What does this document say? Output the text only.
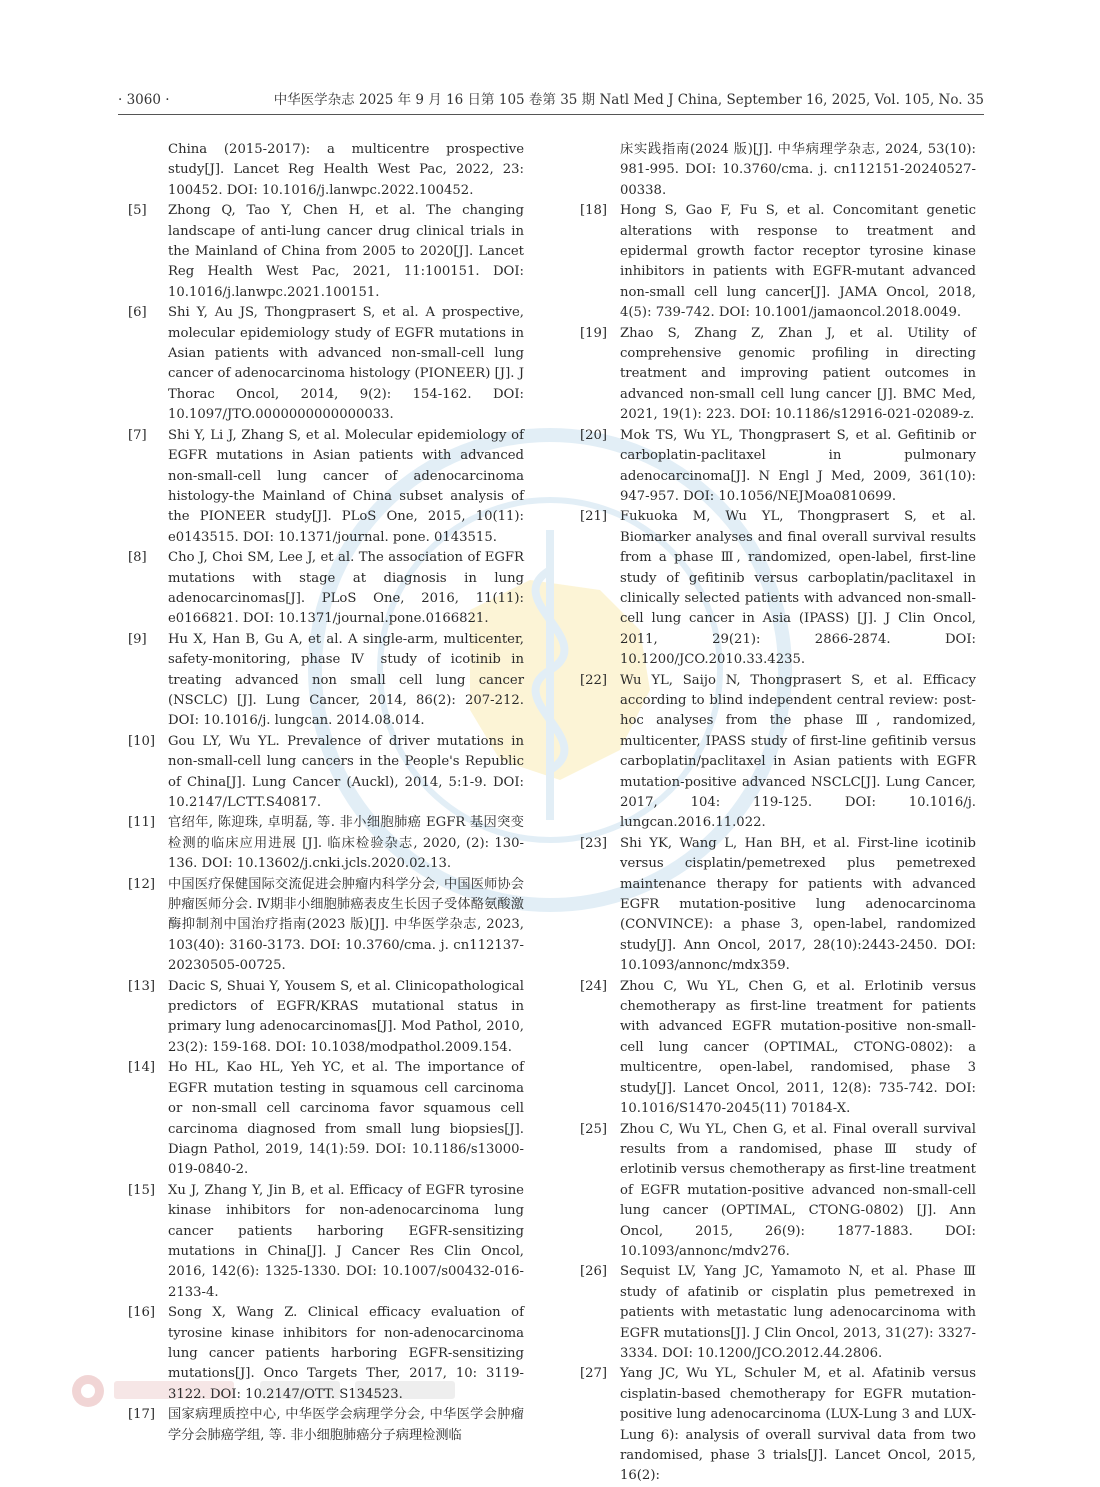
· 3060 ·	中华医学杂志 2025 年 9 月 16 日第 105 卷第 35 期 Natl Med J China, September 16, 2025, Vol. 105, No. 35
China (2015-2017): a multicentre prospective study[J]. Lancet Reg Health West Pac, 2022, 23: 100452. DOI: 10.1016/j.lanwpc.2022.100452.
[5] Zhong Q, Tao Y, Chen H, et al. The changing landscape of anti-lung cancer drug clinical trials in the Mainland of China from 2005 to 2020[J]. Lancet Reg Health West Pac, 2021, 11:100151. DOI: 10.1016/j.lanwpc.2021.100151.
[6] Shi Y, Au JS, Thongprasert S, et al. A prospective, molecular epidemiology study of EGFR mutations in Asian patients with advanced non-small-cell lung cancer of adenocarcinoma histology (PIONEER) [J]. J Thorac Oncol, 2014, 9(2): 154-162. DOI: 10.1097/JTO.0000000000000033.
[7] Shi Y, Li J, Zhang S, et al. Molecular epidemiology of EGFR mutations in Asian patients with advanced non-small-cell lung cancer of adenocarcinoma histology-the Mainland of China subset analysis of the PIONEER study[J]. PLoS One, 2015, 10(11): e0143515. DOI: 10.1371/journal. pone. 0143515.
[8] Cho J, Choi SM, Lee J, et al. The association of EGFR mutations with stage at diagnosis in lung adenocarcinomas[J]. PLoS One, 2016, 11(11): e0166821. DOI: 10.1371/journal.pone.0166821.
[9] Hu X, Han B, Gu A, et al. A single-arm, multicenter, safety-monitoring, phase Ⅳ study of icotinib in treating advanced non small cell lung cancer (NSCLC) [J]. Lung Cancer, 2014, 86(2): 207-212. DOI: 10.1016/j. lungcan. 2014.08.014.
[10] Gou LY, Wu YL. Prevalence of driver mutations in non-small-cell lung cancers in the People's Republic of China[J]. Lung Cancer (Auckl), 2014, 5:1-9. DOI: 10.2147/LCTT.S40817.
[11] 官绍年, 陈迎珠, 卓明磊, 等. 非小细胞肺癌 EGFR 基因突变检测的临床应用进展 [J]. 临床检验杂志, 2020, (2): 130-136. DOI: 10.13602/j.cnki.jcls.2020.02.13.
[12] 中国医疗保健国际交流促进会肿瘤内科学分会, 中国医师协会肿瘤医师分会. Ⅳ期非小细胞肺癌表皮生长因子受体酪氨酸激酶抑制剂中国治疗指南(2023 版)[J]. 中华医学杂志, 2023, 103(40): 3160-3173. DOI: 10.3760/cma. j. cn112137-20230505-00725.
[13] Dacic S, Shuai Y, Yousem S, et al. Clinicopathological predictors of EGFR/KRAS mutational status in primary lung adenocarcinomas[J]. Mod Pathol, 2010, 23(2): 159-168. DOI: 10.1038/modpathol.2009.154.
[14] Ho HL, Kao HL, Yeh YC, et al. The importance of EGFR mutation testing in squamous cell carcinoma or non-small cell carcinoma favor squamous cell carcinoma diagnosed from small lung biopsies[J]. Diagn Pathol, 2019, 14(1):59. DOI: 10.1186/s13000-019-0840-2.
[15] Xu J, Zhang Y, Jin B, et al. Efficacy of EGFR tyrosine kinase inhibitors for non-adenocarcinoma lung cancer patients harboring EGFR-sensitizing mutations in China[J]. J Cancer Res Clin Oncol, 2016, 142(6): 1325-1330. DOI: 10.1007/s00432-016-2133-4.
[16] Song X, Wang Z. Clinical efficacy evaluation of tyrosine kinase inhibitors for non-adenocarcinoma lung cancer patients harboring EGFR-sensitizing mutations[J]. Onco Targets Ther, 2017, 10: 3119-3122. DOI: 10.2147/OTT. S134523.
[17] 国家病理质控中心, 中华医学会病理学分会, 中华医学会肿瘤学分会肺癌学组, 等. 非小细胞肺癌分子病理检测临
床实践指南(2024 版)[J]. 中华病理学杂志, 2024, 53(10): 981-995. DOI: 10.3760/cma. j. cn112151-20240527-00338.
[18] Hong S, Gao F, Fu S, et al. Concomitant genetic alterations with response to treatment and epidermal growth factor receptor tyrosine kinase inhibitors in patients with EGFR-mutant advanced non-small cell lung cancer[J]. JAMA Oncol, 2018, 4(5): 739-742. DOI: 10.1001/jamaoncol.2018.0049.
[19] Zhao S, Zhang Z, Zhan J, et al. Utility of comprehensive genomic profiling in directing treatment and improving patient outcomes in advanced non-small cell lung cancer [J]. BMC Med, 2021, 19(1): 223. DOI: 10.1186/s12916-021-02089-z.
[20] Mok TS, Wu YL, Thongprasert S, et al. Gefitinib or carboplatin-paclitaxel in pulmonary adenocarcinoma[J]. N Engl J Med, 2009, 361(10): 947-957. DOI: 10.1056/NEJMoa0810699.
[21] Fukuoka M, Wu YL, Thongprasert S, et al. Biomarker analyses and final overall survival results from a phase Ⅲ, randomized, open-label, first-line study of gefitinib versus carboplatin/paclitaxel in clinically selected patients with advanced non-small-cell lung cancer in Asia (IPASS) [J]. J Clin Oncol, 2011, 29(21): 2866-2874. DOI: 10.1200/JCO.2010.33.4235.
[22] Wu YL, Saijo N, Thongprasert S, et al. Efficacy according to blind independent central review: post-hoc analyses from the phase Ⅲ, randomized, multicenter, IPASS study of first-line gefitinib versus carboplatin/paclitaxel in Asian patients with EGFR mutation-positive advanced NSCLC[J]. Lung Cancer, 2017, 104: 119-125. DOI: 10.1016/j. lungcan.2016.11.022.
[23] Shi YK, Wang L, Han BH, et al. First-line icotinib versus cisplatin/pemetrexed plus pemetrexed maintenance therapy for patients with advanced EGFR mutation-positive lung adenocarcinoma (CONVINCE): a phase 3, open-label, randomized study[J]. Ann Oncol, 2017, 28(10):2443-2450. DOI: 10.1093/annonc/mdx359.
[24] Zhou C, Wu YL, Chen G, et al. Erlotinib versus chemotherapy as first-line treatment for patients with advanced EGFR mutation-positive non-small-cell lung cancer (OPTIMAL, CTONG-0802): a multicentre, open-label, randomised, phase 3 study[J]. Lancet Oncol, 2011, 12(8): 735-742. DOI: 10.1016/S1470-2045(11) 70184-X.
[25] Zhou C, Wu YL, Chen G, et al. Final overall survival results from a randomised, phase Ⅲ study of erlotinib versus chemotherapy as first-line treatment of EGFR mutation-positive advanced non-small-cell lung cancer (OPTIMAL, CTONG-0802) [J]. Ann Oncol, 2015, 26(9): 1877-1883. DOI: 10.1093/annonc/mdv276.
[26] Sequist LV, Yang JC, Yamamoto N, et al. Phase Ⅲ study of afatinib or cisplatin plus pemetrexed in patients with metastatic lung adenocarcinoma with EGFR mutations[J]. J Clin Oncol, 2013, 31(27): 3327-3334. DOI: 10.1200/JCO.2012.44.2806.
[27] Yang JC, Wu YL, Schuler M, et al. Afatinib versus cisplatin-based chemotherapy for EGFR mutation-positive lung adenocarcinoma (LUX-Lung 3 and LUX-Lung 6): analysis of overall survival data from two randomised, phase 3 trials[J]. Lancet Oncol, 2015, 16(2):
